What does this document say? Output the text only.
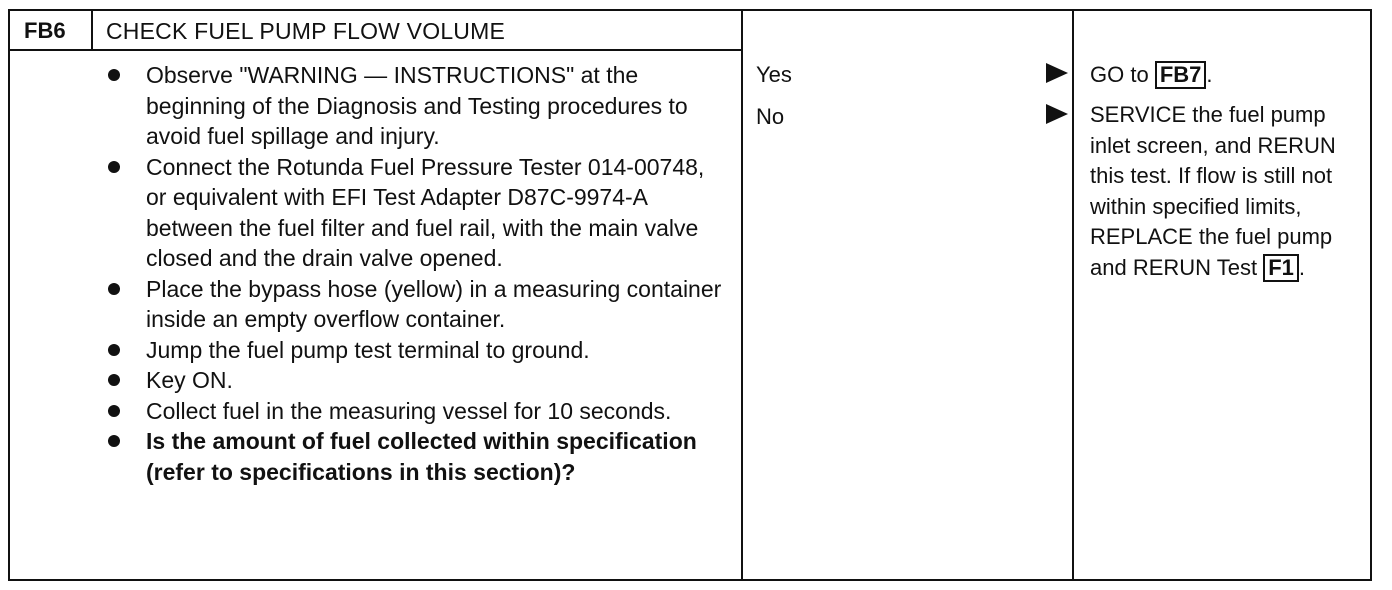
FB6 CHECK FUEL PUMP FLOW VOLUME
Observe "WARNING — INSTRUCTIONS" at the beginning of the Diagnosis and Testing procedures to avoid fuel spillage and injury.
Connect the Rotunda Fuel Pressure Tester 014-00748, or equivalent with EFI Test Adapter D87C-9974-A between the fuel filter and fuel rail, with the main valve closed and the drain valve opened.
Place the bypass hose (yellow) in a measuring container inside an empty overflow container.
Jump the fuel pump test terminal to ground.
Key ON.
Collect fuel in the measuring vessel for 10 seconds.
Is the amount of fuel collected within specification (refer to specifications in this section)?
Yes
No
GO to FB7 .
SERVICE the fuel pump inlet screen, and RERUN this test. If flow is still not within specified limits, REPLACE the fuel pump and RERUN Test F1 .
